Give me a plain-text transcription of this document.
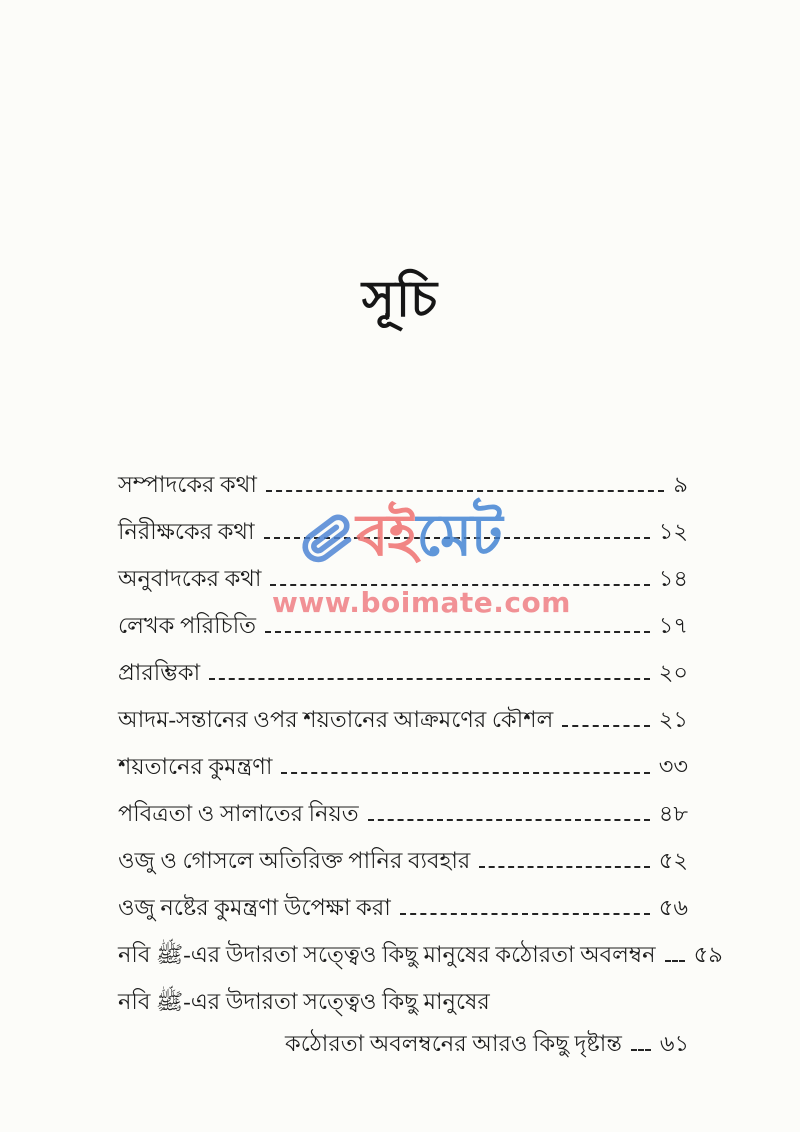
সূচি
সম্পাদকের কথা	৯
নিরীক্ষকের কথা	১২
অনুবাদকের কথা	১৪
লেখক পরিচিতি	১৭
প্রারম্ভিকা	২০
আদম-সন্তানের ওপর শয়তানের আক্রমণের কৌশল	২১
শয়তানের কুমন্ত্রণা	৩৩
পবিত্রতা ও সালাতের নিয়ত	৪৮
ওজু ও গোসলে অতিরিক্ত পানির ব্যবহার	৫২
ওজু নষ্টের কুমন্ত্রণা উপেক্ষা করা	৫৬
নবি ﷺ-এর উদারতা সত্ত্বেও কিছু মানুষের কঠোরতা অবলম্বন ৫৯
নবি ﷺ-এর উদারতা সত্ত্বেও কিছু মানুষের
কঠোরতা অবলম্বনের আরও কিছু দৃষ্টান্ত ৬১
বইমেট
www.boimate.com
